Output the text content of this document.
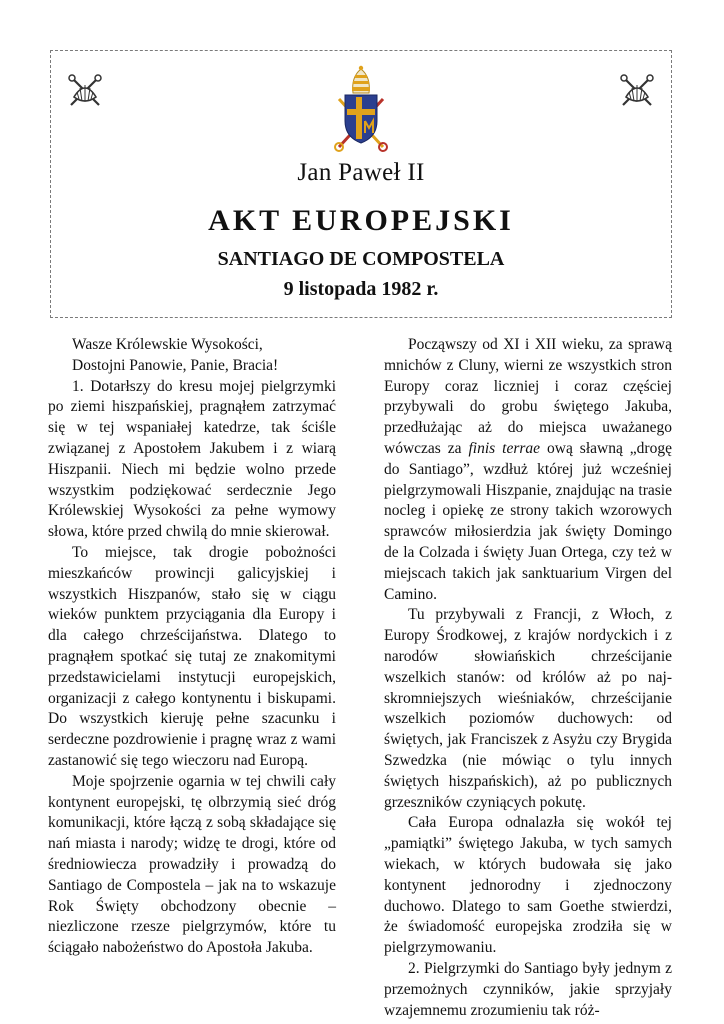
Jan Paweł II
AKT EUROPEJSKI
SANTIAGO DE COMPOSTELA
9 listopada 1982 r.

Wasze Królewskie Wysokości,

Dostojni Panowie, Panie, Bracia!

1. Dotarłszy do kresu mojej pielgrzymki po ziemi hiszpańskiej, pragnąłem zatrzymać się w tej wspaniałej katedrze, tak ściśle związanej z Apostołem Jakubem i z wiarą Hiszpanii. Niech mi będzie wolno przede wszystkim podziękować serdecznie Jego Królewskiej Wysokości za pełne wymowy słowa, które przed chwilą do mnie skierował.

To miejsce, tak drogie pobożności mieszkańców prowincji galicyjskiej i wszystkich Hiszpanów, stało się w ciągu wieków punktem przyciągania dla Europy i dla całego chrześcijaństwa. Dlatego to pragnąłem spotkać się tutaj ze znakomitymi przedstawicielami instytucji europejskich, organizacji z całego kontynentu i biskupami. Do wszystkich kieruję pełne szacunku i serdeczne pozdrowienie i pragnę wraz z wami zastanowić się tego wieczoru nad Europą.

Moje spojrzenie ogarnia w tej chwili cały kontynent europejski, tę olbrzymią sieć dróg komunikacji, które łączą z sobą składające się nań miasta i narody; widzę te drogi, które od średniowiecza prowadziły i prowadzą do Santiago de Compostela – jak na to wskazuje Rok Święty obchodzony obecnie – niezliczone rzesze pielgrzymów, które tu ściągało nabożeństwo do Apostoła Jakuba.

Począwszy od XI i XII wieku, za sprawą mnichów z Cluny, wierni ze wszystkich stron Europy coraz liczniej i coraz częściej przybywali do grobu świętego Jakuba, przedłużając aż do miejsca uważanego wówczas za finis terrae ową sławną „drogę do Santiago”, wzdłuż której już wcześniej pielgrzymowali Hiszpanie, znajdując na trasie nocleg i opiekę ze strony takich wzorowych sprawców miłosierdzia jak święty Domingo de la Colzada i święty Juan Ortega, czy też w miejscach takich jak sanktuarium Virgen del Camino.

Tu przybywali z Francji, z Włoch, z Europy Środkowej, z krajów nordyckich i z narodów słowiańskich chrześcijanie wszelkich stanów: od królów aż po najskromniejszych wieśniaków, chrześcijanie wszelkich poziomów duchowych: od świętych, jak Franciszek z Asyżu czy Brygida Szwedzka (nie mówiąc o tylu innych świętych hiszpańskich), aż po publicznych grzeszników czyniących pokutę.

Cała Europa odnalazła się wokół tej „pamiątki” świętego Jakuba, w tych samych wiekach, w których budowała się jako kontynent jednorodny i zjednoczony duchowo. Dlatego to sam Goethe stwierdzi, że świadomość europejska zrodziła się w pielgrzymowaniu.

2. Pielgrzymki do Santiago były jednym z przemożnych czynników, jakie sprzyjały wzajemnemu zrozumieniu tak róż-
